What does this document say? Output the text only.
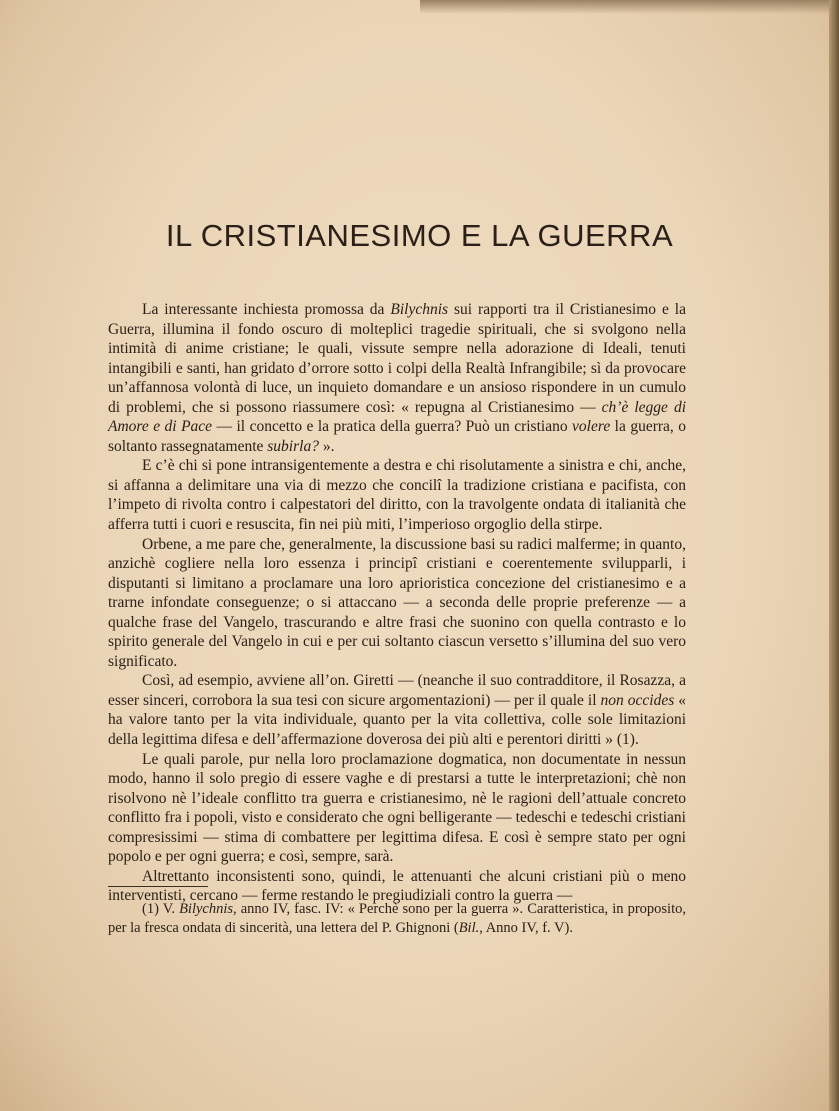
IL CRISTIANESIMO E LA GUERRA

La interessante inchiesta promossa da Bilychnis sui rapporti tra il Cristianesimo e la Guerra, illumina il fondo oscuro di molteplici tragedie spirituali, che si svolgono nella intimità di anime cristiane; le quali, vissute sempre nella adorazione di Ideali, tenuti intangibili e santi, han gridato d’orrore sotto i colpi della Realtà Infrangibile; sì da provocare un’affannosa volontà di luce, un inquieto domandare e un ansioso rispondere in un cumulo di problemi, che si possono riassumere così: « repugna al Cristianesimo — ch’è legge di Amore e di Pace — il concetto e la pratica della guerra? Può un cristiano volere la guerra, o soltanto rassegnatamente subirla? ».

E c’è chi si pone intransigentemente a destra e chi risolutamente a sinistra e chi, anche, si affanna a delimitare una via di mezzo che concilî la tradizione cristiana e pacifista, con l’impeto di rivolta contro i calpestatori del diritto, con la travolgente ondata di italianità che afferra tutti i cuori e resuscita, fin nei più miti, l’imperioso orgoglio della stirpe.

Orbene, a me pare che, generalmente, la discussione basi su radici malferme; in quanto, anzichè cogliere nella loro essenza i principî cristiani e coerentemente svilupparli, i disputanti si limitano a proclamare una loro aprioristica concezione del cristianesimo e a trarne infondate conseguenze; o si attaccano — a seconda delle proprie preferenze — a qualche frase del Vangelo, trascurando e altre frasi che suonino con quella contrasto e lo spirito generale del Vangelo in cui e per cui soltanto ciascun versetto s’illumina del suo vero significato.

Così, ad esempio, avviene all’on. Giretti — (neanche il suo contradditore, il Rosazza, a esser sinceri, corrobora la sua tesi con sicure argomentazioni) — per il quale il non occides « ha valore tanto per la vita individuale, quanto per la vita collettiva, colle sole limitazioni della legittima difesa e dell’affermazione doverosa dei più alti e perentori diritti » (1).

Le quali parole, pur nella loro proclamazione dogmatica, non documentate in nessun modo, hanno il solo pregio di essere vaghe e di prestarsi a tutte le interpretazioni; chè non risolvono nè l’ideale conflitto tra guerra e cristianesimo, nè le ragioni dell’attuale concreto conflitto fra i popoli, visto e considerato che ogni belligerante — tedeschi e tedeschi cristiani compresissimi — stima di combattere per legittima difesa. E così è sempre stato per ogni popolo e per ogni guerra; e così, sempre, sarà.

Altrettanto inconsistenti sono, quindi, le attenuanti che alcuni cristiani più o meno interventisti, cercano — ferme restando le pregiudiziali contro la guerra —

(1) V. Bilychnis, anno IV, fasc. IV: « Perchè sono per la guerra ». Caratteristica, in proposito, per la fresca ondata di sincerità, una lettera del P. Ghignoni (Bil., Anno IV, f. V).
